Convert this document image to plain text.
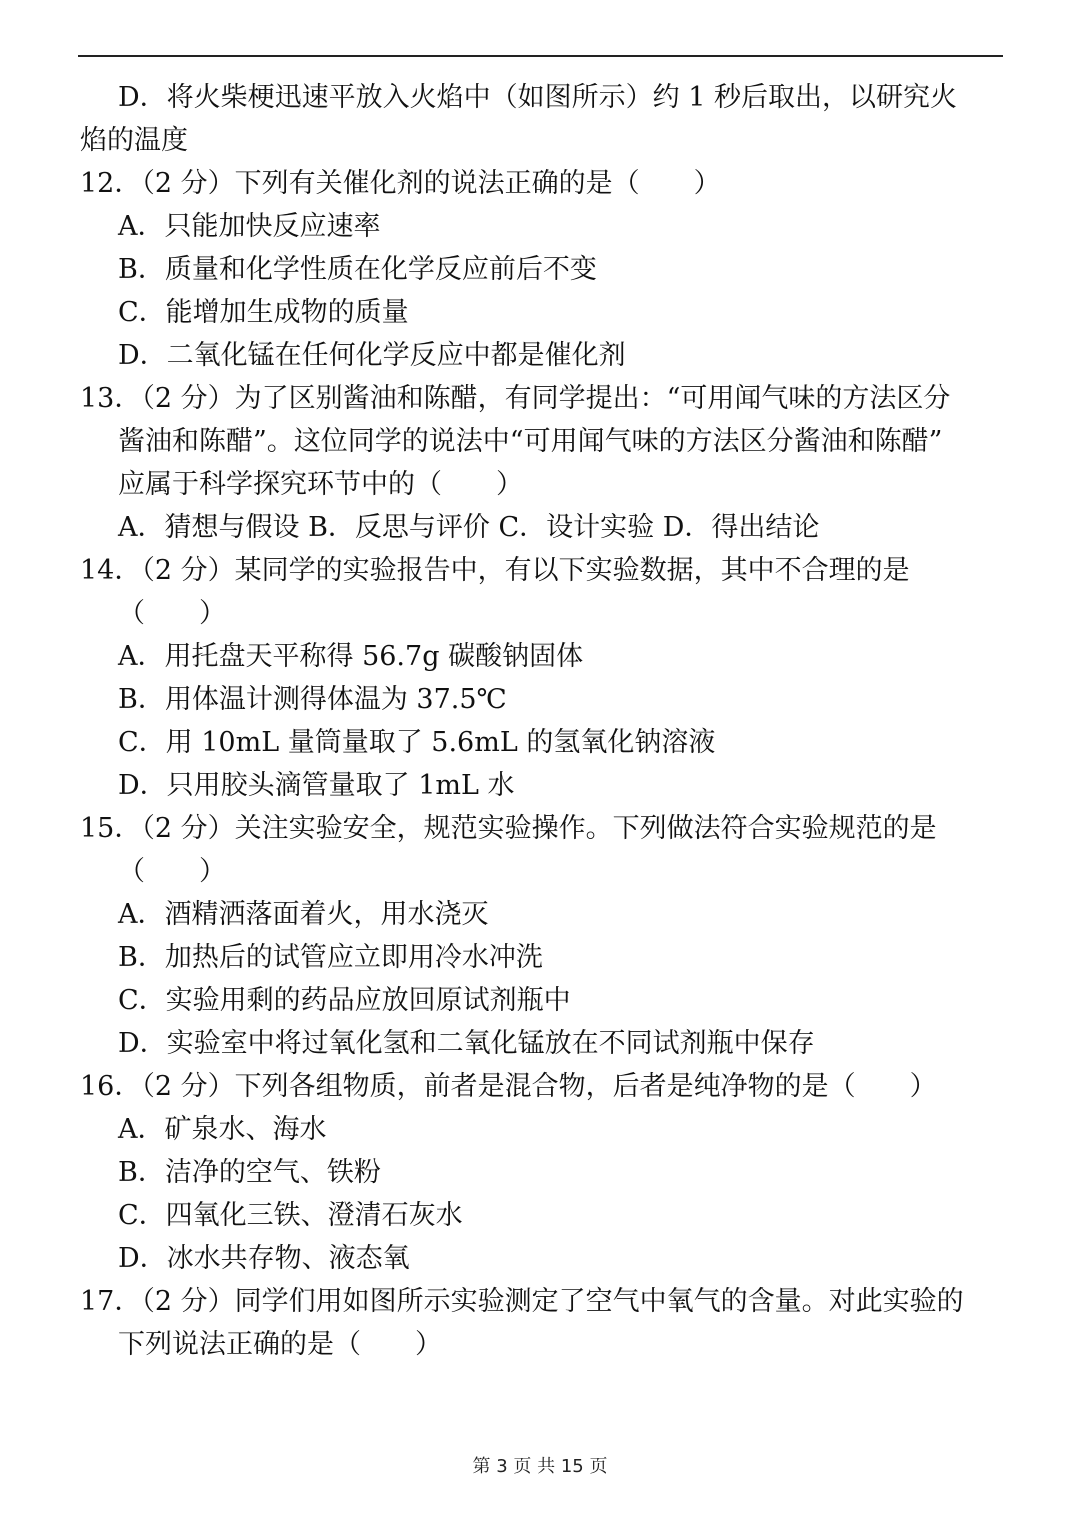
D．将火柴梗迅速平放入火焰中（如图所示）约 1 秒后取出，以研究火
焰的温度
12．（2 分）下列有关催化剂的说法正确的是（　　）
A．只能加快反应速率
B．质量和化学性质在化学反应前后不变
C．能增加生成物的质量
D．二氧化锰在任何化学反应中都是催化剂
13．（2 分）为了区别酱油和陈醋，有同学提出：“可用闻气味的方法区分
酱油和陈醋”。这位同学的说法中“可用闻气味的方法区分酱油和陈醋”
应属于科学探究环节中的（　　）
A．猜想与假设 B．反思与评价 C．设计实验 D．得出结论
14．（2 分）某同学的实验报告中，有以下实验数据，其中不合理的是
（　　）
A．用托盘天平称得 56.7g 碳酸钠固体
B．用体温计测得体温为 37.5℃
C．用 10mL 量筒量取了 5.6mL 的氢氧化钠溶液
D．只用胶头滴管量取了 1mL 水
15．（2 分）关注实验安全，规范实验操作。下列做法符合实验规范的是
（　　）
A．酒精洒落面着火，用水浇灭
B．加热后的试管应立即用冷水冲洗
C．实验用剩的药品应放回原试剂瓶中
D．实验室中将过氧化氢和二氧化锰放在不同试剂瓶中保存
16．（2 分）下列各组物质，前者是混合物，后者是纯净物的是（　　）
A．矿泉水、海水
B．洁净的空气、铁粉
C．四氧化三铁、澄清石灰水
D．冰水共存物、液态氧
17．（2 分）同学们用如图所示实验测定了空气中氧气的含量。对此实验的
下列说法正确的是（　　）
第 3 页 共 15 页
